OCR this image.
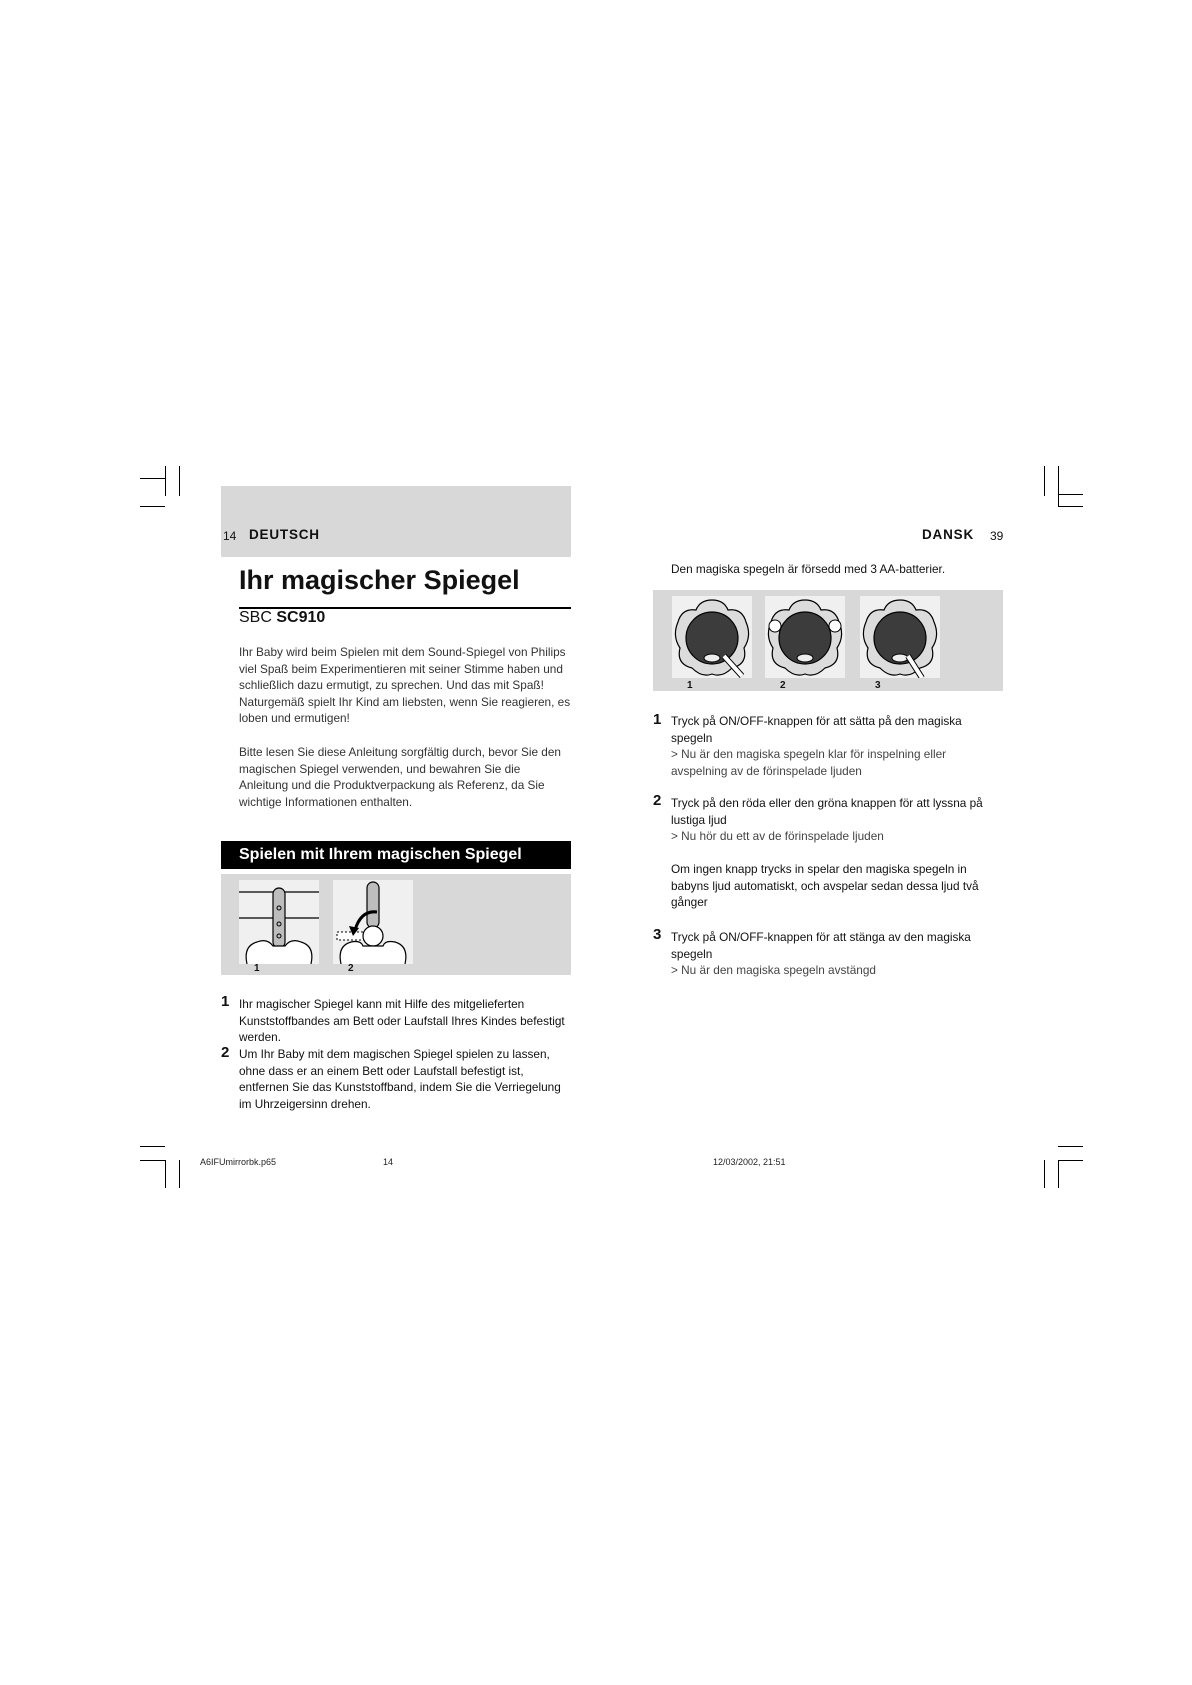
14 DEUTSCH
Ihr magischer Spiegel
SBC SC910
Ihr Baby wird beim Spielen mit dem Sound-Spiegel von Philips viel Spaß beim Experimentieren mit seiner Stimme haben und schließlich dazu ermutigt, zu sprechen. Und das mit Spaß! Naturgemäß spielt Ihr Kind am liebsten, wenn Sie reagieren, es loben und ermutigen!
Bitte lesen Sie diese Anleitung sorgfältig durch, bevor Sie den magischen Spiegel verwenden, und bewahren Sie die Anleitung und die Produktverpackung als Referenz, da Sie wichtige Informationen enthalten.
Spielen mit Ihrem magischen Spiegel
1	2
1 Ihr magischer Spiegel kann mit Hilfe des mitgelieferten Kunststoffbandes am Bett oder Laufstall Ihres Kindes befestigt werden.
2 Um Ihr Baby mit dem magischen Spiegel spielen zu lassen, ohne dass er an einem Bett oder Laufstall befestigt ist, entfernen Sie das Kunststoffband, indem Sie die Verriegelung im Uhrzeigersinn drehen.
DANSK 39
Den magiska spegeln är försedd med 3 AA-batterier.
1	2	3
1 Tryck på ON/OFF-knappen för att sätta på den magiska spegeln
> Nu är den magiska spegeln klar för inspelning eller avspelning av de förinspelade ljuden
2 Tryck på den röda eller den gröna knappen för att lyssna på lustiga ljud
> Nu hör du ett av de förinspelade ljuden
Om ingen knapp trycks in spelar den magiska spegeln in babyns ljud automatiskt, och avspelar sedan dessa ljud två gånger
3 Tryck på ON/OFF-knappen för att stänga av den magiska spegeln
> Nu är den magiska spegeln avstängd
A6IFUmirrorbk.p65	14	12/03/2002, 21:51
